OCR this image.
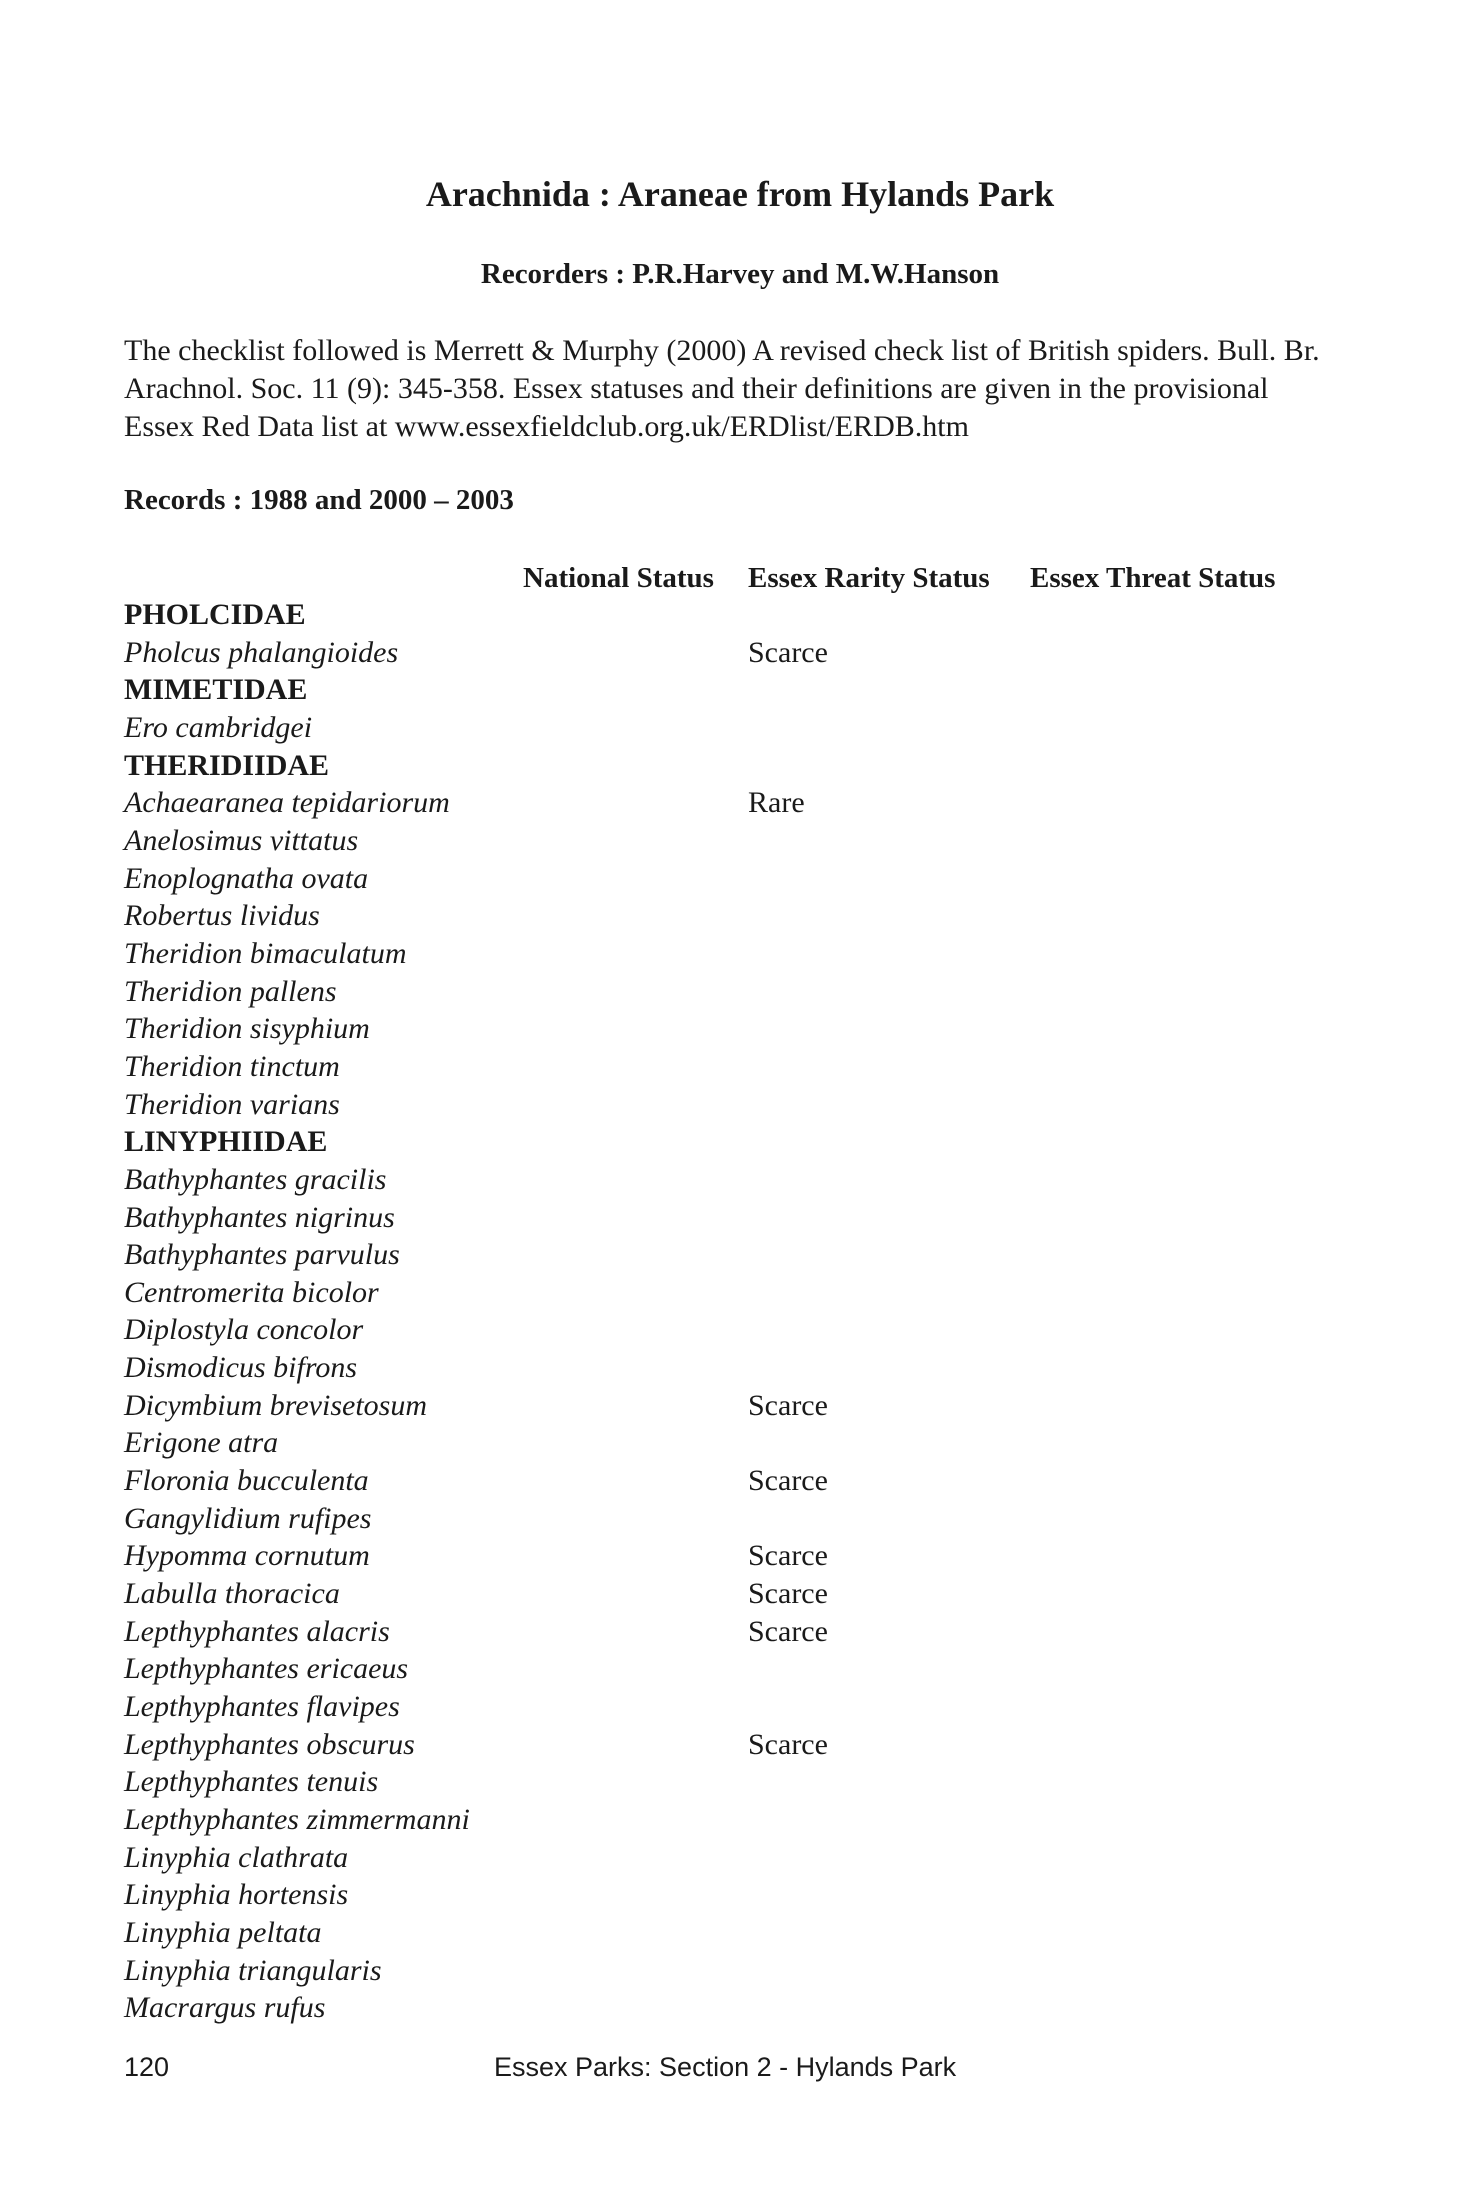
Arachnida : Araneae from Hylands Park
Recorders : P.R.Harvey and M.W.Hanson

The checklist followed is Merrett & Murphy (2000) A revised check list of British spiders. Bull. Br.

Arachnol. Soc. 11 (9): 345-358. Essex statuses and their definitions are given in the provisional

Essex Red Data list at www.essexfieldclub.org.uk/ERDlist/ERDB.htm

Records : 1988 and 2000 – 2003
National Status Essex Rarity Status Essex Threat Status
PHOLCIDAE
Pholcus phalangioides	Scarce
MIMETIDAE
Ero cambridgei
THERIDIIDAE
Achaearanea tepidariorum	Rare
Anelosimus vittatus
Enoplognatha ovata
Robertus lividus
Theridion bimaculatum
Theridion pallens
Theridion sisyphium
Theridion tinctum
Theridion varians
LINYPHIIDAE
Bathyphantes gracilis
Bathyphantes nigrinus
Bathyphantes parvulus
Centromerita bicolor
Diplostyla concolor
Dismodicus bifrons
Dicymbium brevisetosum	Scarce
Erigone atra
Floronia bucculenta	Scarce
Gangylidium rufipes
Hypomma cornutum	Scarce
Labulla thoracica	Scarce
Lepthyphantes alacris	Scarce
Lepthyphantes ericaeus
Lepthyphantes flavipes
Lepthyphantes obscurus	Scarce
Lepthyphantes tenuis
Lepthyphantes zimmermanni
Linyphia clathrata
Linyphia hortensis
Linyphia peltata
Linyphia triangularis
Macrargus rufus
120	Essex Parks: Section 2 - Hylands Park
